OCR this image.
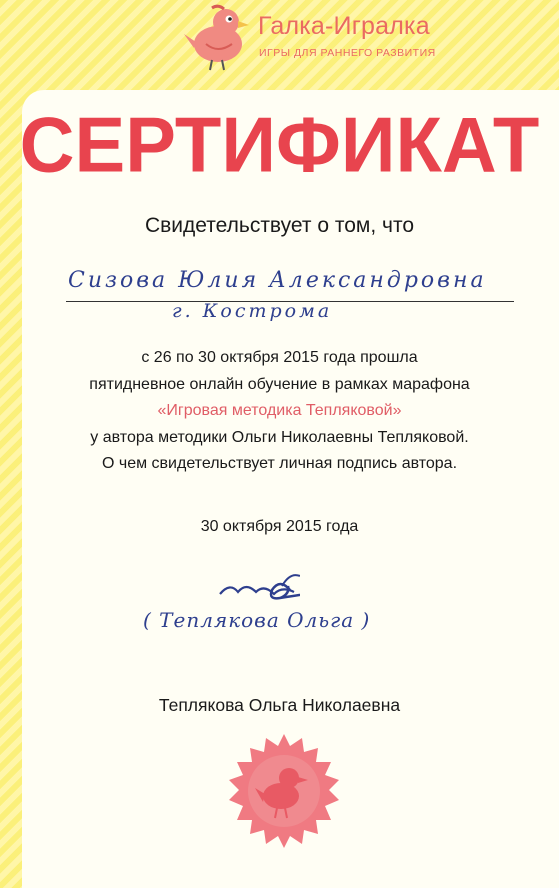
Галка-Игралка
ИГРЫ ДЛЯ РАННЕГО РАЗВИТИЯ
СЕРТИФИКАТ
Свидетельствует о том, что
Сизова Юлия Александровна
г. Кострома
с 26 по 30 октября 2015 года прошла
пятидневное онлайн обучение в рамках марафона
«Игровая методика Тепляковой»
у автора методики Ольги Николаевны Тепляковой.
О чем свидетельствует личная подпись автора.
30 октября 2015 года
( Теплякова Ольга )
Теплякова Ольга Николаевна
